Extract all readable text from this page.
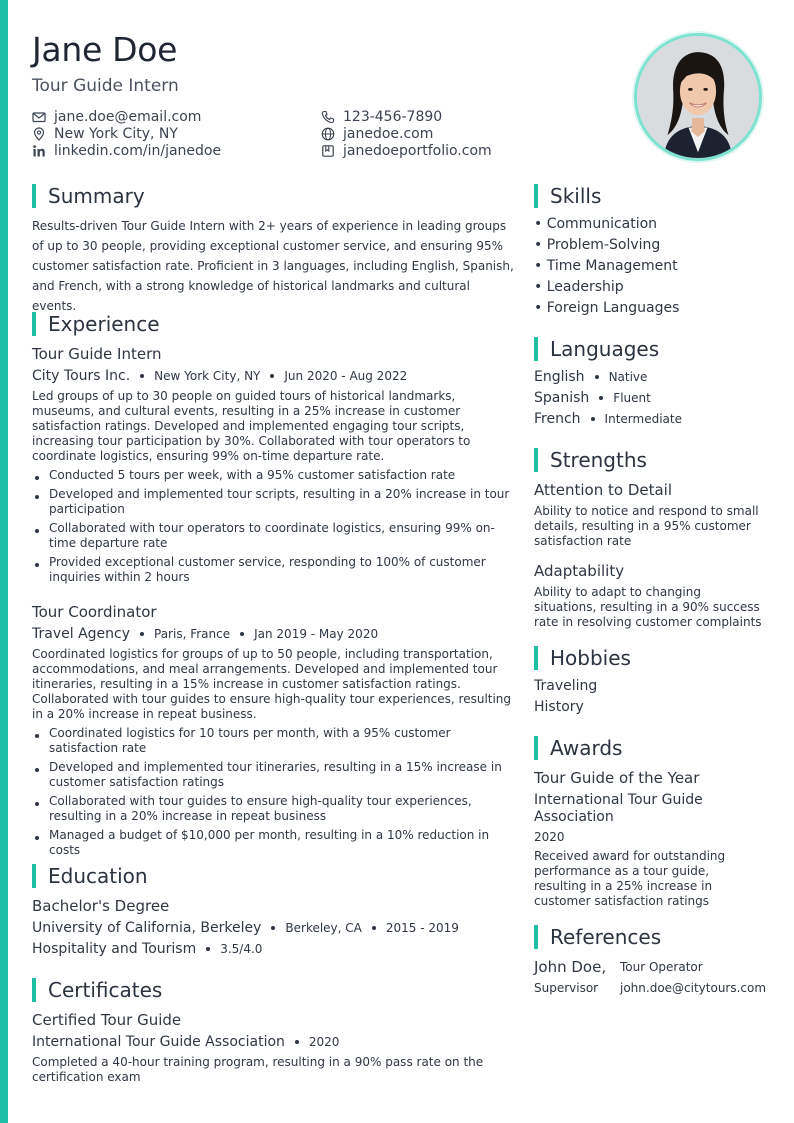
Jane Doe
Tour Guide Intern
jane.doe@email.com	123-456-7890
New York City, NY	janedoe.com
linkedin.com/in/janedoe	janedoeportfolio.com
Summary
Results-driven Tour Guide Intern with 2+ years of experience in leading groups of up to 30 people, providing exceptional customer service, and ensuring 95% customer satisfaction rate. Proficient in 3 languages, including English, Spanish, and French, with a strong knowledge of historical landmarks and cultural events.
Experience
Tour Guide Intern
City Tours Inc. New York City, NY Jun 2020 - Aug 2022
Led groups of up to 30 people on guided tours of historical landmarks, museums, and cultural events, resulting in a 25% increase in customer satisfaction ratings. Developed and implemented engaging tour scripts, increasing tour participation by 30%. Collaborated with tour operators to coordinate logistics, ensuring 99% on-time departure rate.
Conducted 5 tours per week, with a 95% customer satisfaction rate
Developed and implemented tour scripts, resulting in a 20% increase in tour participation
Collaborated with tour operators to coordinate logistics, ensuring 99% on-time departure rate
Provided exceptional customer service, responding to 100% of customer inquiries within 2 hours
Tour Coordinator
Travel Agency Paris, France Jan 2019 - May 2020
Coordinated logistics for groups of up to 50 people, including transportation, accommodations, and meal arrangements. Developed and implemented tour itineraries, resulting in a 15% increase in customer satisfaction ratings. Collaborated with tour guides to ensure high-quality tour experiences, resulting in a 20% increase in repeat business.
Coordinated logistics for 10 tours per month, with a 95% customer satisfaction rate
Developed and implemented tour itineraries, resulting in a 15% increase in customer satisfaction ratings
Collaborated with tour guides to ensure high-quality tour experiences, resulting in a 20% increase in repeat business
Managed a budget of $10,000 per month, resulting in a 10% reduction in costs
Education
Bachelor's Degree
University of California, Berkeley Berkeley, CA 2015 - 2019
Hospitality and Tourism 3.5/4.0
Certificates
Certified Tour Guide
International Tour Guide Association 2020
Completed a 40-hour training program, resulting in a 90% pass rate on the certification exam
Skills
• Communication
• Problem-Solving
• Time Management
• Leadership
• Foreign Languages
Languages
English Native
Spanish Fluent
French Intermediate
Strengths
Attention to Detail
Ability to notice and respond to small details, resulting in a 95% customer satisfaction rate
Adaptability
Ability to adapt to changing situations, resulting in a 90% success rate in resolving customer complaints
Hobbies
Traveling
History
Awards
Tour Guide of the Year
International Tour Guide Association
2020
Received award for outstanding performance as a tour guide, resulting in a 25% increase in customer satisfaction ratings
References
John Doe, Tour Operator
Supervisor john.doe@citytours.com
